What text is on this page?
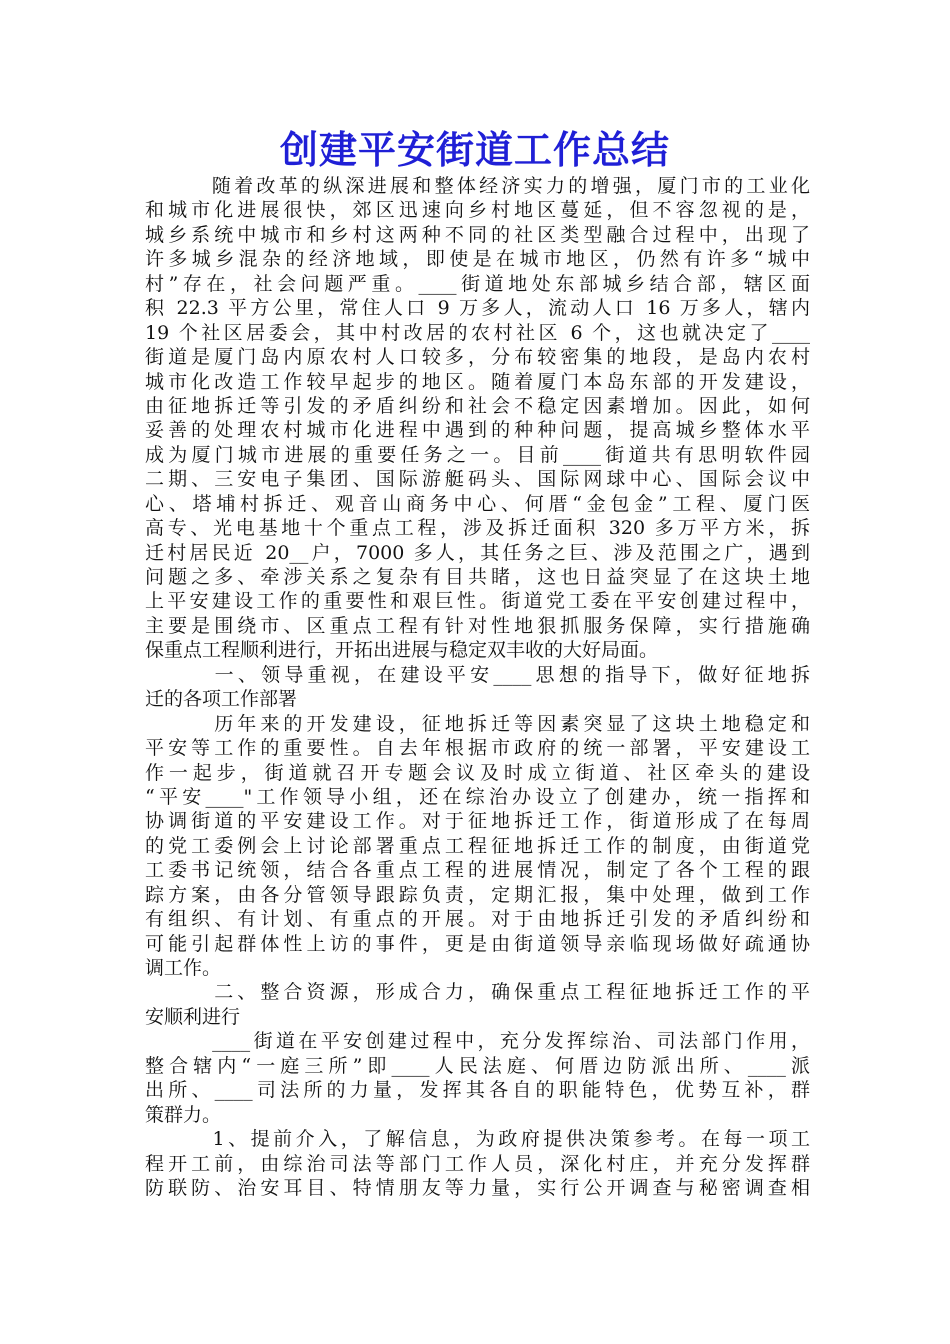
创建平安街道工作总结
　　　随着改革的纵深进展和整体经济实力的增强，厦门市的工业化
和城市化进展很快，郊区迅速向乡村地区蔓延，但不容忽视的是，
城乡系统中城市和乡村这两种不同的社区类型融合过程中，出现了
许多城乡混杂的经济地域，即使是在城市地区，仍然有许多“城中
村”存在，社会问题严重。____街道地处东部城乡结合部，辖区面
积 22.3 平方公里，常住人口 9 万多人，流动人口 16 万多人，辖内
19 个社区居委会，其中村改居的农村社区 6 个，这也就决定了____
街道是厦门岛内原农村人口较多，分布较密集的地段，是岛内农村
城市化改造工作较早起步的地区。随着厦门本岛东部的开发建设，
由征地拆迁等引发的矛盾纠纷和社会不稳定因素增加。因此，如何
妥善的处理农村城市化进程中遇到的种种问题，提高城乡整体水平
成为厦门城市进展的重要任务之一。目前____街道共有思明软件园
二期、三安电子集团、国际游艇码头、国际网球中心、国际会议中
心、塔埔村拆迁、观音山商务中心、何厝“金包金”工程、厦门医
高专、光电基地十个重点工程，涉及拆迁面积 320 多万平方米，拆
迁村居民近 20__户，7000 多人，其任务之巨、涉及范围之广，遇到
问题之多、牵涉关系之复杂有目共睹，这也日益突显了在这块土地
上平安建设工作的重要性和艰巨性。街道党工委在平安创建过程中，
主要是围绕市、区重点工程有针对性地狠抓服务保障，实行措施确
保重点工程顺利进行，开拓出进展与稳定双丰收的大好局面。
　　　一、领导重视，在建设平安____思想的指导下，做好征地拆
迁的各项工作部署
　　　历年来的开发建设，征地拆迁等因素突显了这块土地稳定和
平安等工作的重要性。自去年根据市政府的统一部署，平安建设工
作一起步，街道就召开专题会议及时成立街道、社区牵头的建设
“平安____"工作领导小组，还在综治办设立了创建办，统一指挥和
协调街道的平安建设工作。对于征地拆迁工作，街道形成了在每周
的党工委例会上讨论部署重点工程征地拆迁工作的制度，由街道党
工委书记统领，结合各重点工程的进展情况，制定了各个工程的跟
踪方案，由各分管领导跟踪负责，定期汇报，集中处理，做到工作
有组织、有计划、有重点的开展。对于由地拆迁引发的矛盾纠纷和
可能引起群体性上访的事件，更是由街道领导亲临现场做好疏通协
调工作。
　　　二、整合资源，形成合力，确保重点工程征地拆迁工作的平
安顺利进行
　　　____街道在平安创建过程中，充分发挥综治、司法部门作用，
整合辖内“一庭三所”即____人民法庭、何厝边防派出所、____派
出所、____司法所的力量，发挥其各自的职能特色，优势互补，群
策群力。
　　　1、提前介入，了解信息，为政府提供决策参考。在每一项工
程开工前，由综治司法等部门工作人员，深化村庄，并充分发挥群
防联防、治安耳目、特情朋友等力量，实行公开调查与秘密调查相
